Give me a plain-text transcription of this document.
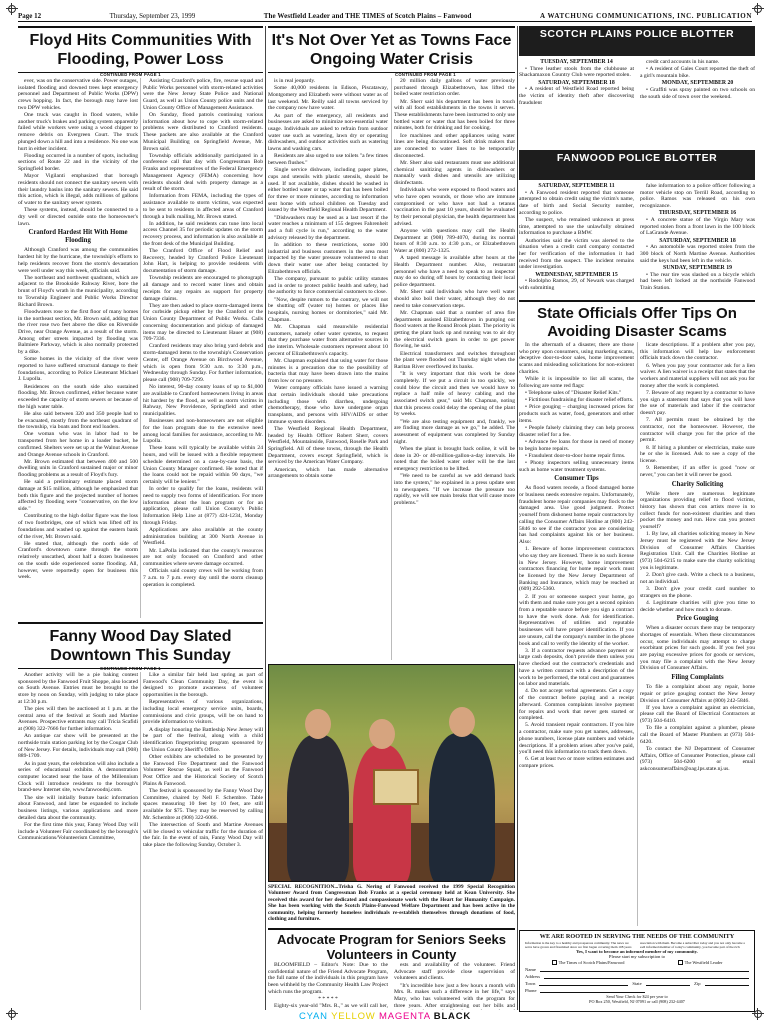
Page 12	Thursday, September 23, 1999	The Westfield Leader and THE TIMES of Scotch Plains – Fanwood	A WATCHUNG COMMUNICATIONS, INC. PUBLICATION
Floyd Hits Communities With Flooding, Power Loss
CONTINUED FROM PAGE 1

ever, was on the conservative side. Power outages, isolated flooding and downed trees kept emergency personnel and Department of Public Works (DPW) crews hopping. In fact, the borough may have lost two DPW vehicles.

One truck was caught in flood waters, while another truck's brakes and parking system apparently failed while workers were using a wood chipper to remove debris on Evergreen Court. The truck plunged down a hill and into a residence. No one was hurt in either incident.

Flooding occurred in a number of spots, including sections of Route 22 and in the vicinity of the Springfield border.

Mayor Vigilanti emphasized that borough residents should not connect the sanitary sewers with their laundry basins into the sanitary sewers. He said this action, which is illegal, adds millions of gallons of water to the sanitary sewer system.

These systems, instead, should be connected to a dry well or directed outside onto the homeowner's lawn.

Cranford Hardest Hit With Home Flooding

Although Cranford was among the communities hardest hit by the hurricane, the township's efforts to help residents recover from the storm's devastation were well under way this week, officials said.

The northeast and northwest quadrants, which are adjacent to the Brookside Rahway River, bore the brunt of Floyd's wrath in the municipality, according to Township Engineer and Public Works Director Richard Brown.

Floodwaters rose to the first floor of many homes in the northeast section, Mr. Brown said, adding that the river rose two feet above the dike on Riverside Drive, near Orange Avenue, as a result of the storm. Among other streets impacted by flooding was Balmiere Parkway, which is also normally protected by a dike.

Some homes in the vicinity of the river were reported to have suffered structural damage to their foundations, according to Police Lieutenant Michael J. Lupolla.

Residences on the south side also sustained flooding. Mr. Brown confirmed, either because water exceeded the capacity of storm sewers or because of the high water table.

He also said between 320 and 350 people had to be evacuated, mostly from the northeast quadrant of the township, via boats and front end loaders.

One woman who was in labor had to be transported from her home in a loader bucket, he confirmed. Shelters were set up at the Walnut Avenue and Orange Avenue schools in Cranford.

Mr. Brown estimated that between 400 and 500 dwelling units in Cranford sustained major or minor flooding problems as a result of Floyd's fury.

He said a preliminary estimate placed storm damage at $15 million, although he emphasized that both this figure and the projected number of homes affected by flooding were "conservative, on the low side."

Contributing to the high dollar figure was the loss of two footbridges, one of which was lifted off its foundations and washed up against the eastern bank of the river, Mr. Brown said.

He stated that, although the north side of Cranford's downtown came through the storm relatively unscathed, about half a dozen businesses on the south side experienced some flooding. All, however, were reportedly open for business this week.

Assisting Cranford's police, fire, rescue squad and Public Works personnel with storm-related activities were the New Jersey State Police and National Guard, as well as Union County police units and the Union County Office of Management Assistance.

On Sunday, flood patrols continuing various information about how to cope with storm-related problems were distributed to Cranford residents. These packets are also available at the Cranford Municipal Building on Springfield Avenue, Mr. Brown said.

Township officials additionally participated in a conference call that day with Congressman Bob Franks and representatives of the Federal Emergency Management Agency (FEMA) concerning how residents should deal with property damage as a result of the storm.

Information from FEMA, including the types of assistance available to storm victims, was expected to be sent to residents in affected areas of Cranford through a bulk mailing, Mr. Brown stated.

In addition, he said residents can tune into local access Channel 35 for periodic updates on the storm recovery process, and information is also available at the front desk of the Municipal Building.

The Cranford Office of Flood Relief and Recovery, headed by Cranford Police Lieutenant John Hart, is helping to provide residents with documentation of storm damage.

Township residents are encouraged to photograph all damage and to record water lines and obtain receipts for any repairs as support for property damage claims.

They are then asked to place storm-damaged items for curbside pickup either by the Cranford or the Union County Department of Public Works. Calls concerning documentation and pickup of damaged items may be directed to Lieutenant Hauer at (908) 709-7336.

Cranford residents may also bring yard debris and storm-damaged items to the township's Conservation Center, off Orange Avenue on Birchwood Avenue, which is open from 9:30 a.m. to 3:30 p.m., Wednesday through Sunday. For further information, please call (908) 709-7299.

No interest, 90-day county loans of up to $1,000 are available to Cranford homeowners living in areas hit hardest by the flood, as well as storm victims in Rahway, New Providence, Springfield and other municipalities.

Businesses and non-homeowners are not eligible for the loan program due to the extensive need among local families for assistance, according to Mr. Lupolla.

These loans will typically be available within 24 hours, and will be issued with a flexible repayment schedule determined on a case-by-case basis, the Union County Manager confirmed. He noted that if the loans could not be repaid within 90 days, "we certainly will be lenient."

In order to qualify for the loans, residents will need to supply two forms of identification. For more information about the loan program or for an application, please call Union County's Public Information Help Line at (877) 424-1234, Monday through Friday.

Applications are also available at the county administration building at 300 North Avenue in Westfield.

Mr. LaPolla indicated that the county's resources are not only focused on Cranford and other communities where severe damage occurred.

Officials said county crews will be working from 7 a.m. to 7 p.m. every day until the storm cleanup operation is completed.

It's Not Over Yet as Towns Face Ongoing Water Crisis
CONTINUED FROM PAGE 1

is in real jeopardy.

Some 40,000 residents in Edison, Piscataway, Montgomery and Elizabeth were without water as of last weekend. Mr. Reilly said all towns serviced by the company now have water.

As part of the emergency, all residents and businesses are asked to minimize non-essential water usage. Individuals are asked to refrain from outdoor water use such as watering, lawn dry or operating dishwashers, and outdoor activities such as watering lawns and washing cars.

Residents are also urged to use toilets "a few times between flushes."

Single service dishware, including paper plates, cups and utensils with plastic utensils, should be used. If not available, dishes should be washed in either bottled water or tap water that has been boiled for three or more minutes, according to information sent home with school children on Tuesday and issued by the Westfield Regional Health Department.

"Dishwashers may be used as a last resort if the water reaches a minimum of 155 degrees Fahrenheit and a full cycle is run," according to the water advisory released by the department.

In addition to these restrictions, some 100 industrial and business customers in the area most impacted by the water pressure volunteered to shut down their water use after being contacted by Elizabethtown officials.

The company, pursuant to public utility statutes and in order to protect public health and safety, had the authority to force commercial customers to close.

"Now, despite rumors to the contrary, we will not be shutting off (water to) homes or places like hospitals, nursing homes or dormitories," said Mr. Chapman.

Mr. Chapman said meanwhile residential customers, namely other water systems, to request that they purchase water from alternative sources in the interim. Wholesale customers represent about 10 percent of Elizabethtown's capacity.

Mr. Chapman explained that using water for those minutes is a precaution due to the possibility of bacteria that may have been drawn into the mains from low or no pressure.

Water company officials have issued a warning that certain individuals should take precautions including those with diarrhea, undergoing chemotherapy, those who have undergone organ transplants, and persons with HIV/AIDS or other immune system disorders.

The Westfield Regional Health Department, headed by Health Officer Robert Sherr, covers Westfield, Mountainside, Fanwood, Roselle Park and Springfield. All of these towns, through the Health Department, covers except Springfield, which is serviced by the American Water Company.

American, which has made alternative arrangements to obtain some

20 million daily gallons of water previously purchased through Elizabethtown, has lifted the boiled water restriction order.

Mr. Sherr said his department has been in touch with all food establishments in the towns it serves. These establishments have been instructed to only use bottled water or water that has been boiled for three minutes, both for drinking and for cooking.

Ice machines and other appliances using water lines are being discontinued. Soft drink makers that are connected to water lines to be temporarily disconnected.

Mr. Sherr also said restaurants must use additional chemical sanitizing agents in dishwashers or manually wash dishes and utensils are utilizing disinfectants.

Individuals who were exposed to flood waters and who have open wounds, or those who are immune compromised or who have not had a tetanus vaccination in the past 10 years, should be evaluated by their personal physician, the health department has advised.

Anyone with questions may call the Health Department at (908) 789-4070, during its normal hours of 8:30 a.m. to 4:30 p.m., or Elizabethtown Water at (800) 272-1325.

A taped message is available after hours at the Health Department number. Also, restaurant personnel who have a need to speak to an inspector may do so during off hours by contacting their local police department.

Mr. Sherr said individuals who have well water should also boil their water, although they do not need to take conservation steps.

Mr. Chapman said that a number of area fire departments assisted Elizabethtown in pumping out flood waters at the Round Brook plant. The priority is getting the plant back up and running was to air dry the electrical switch gears in order to get power flowing, he said.

Electrical transformers and switches throughout the plant were flooded out Thursday night when the Raritan River overflowed its banks.

"It is very important that this work be done completely. If we put a circuit in too quickly, we could blow the circuit and then we would have to replace a half mile of heavy cabling and the associated switch gear," said Mr. Chapman, noting that this process could delay the opening of the plant by weeks.

"We are also testing equipment and, frankly, we are finding more damage as we go," he added. The assessment of equipment was completed by Sunday night.

When the plant is brought back online, it will be done in 20- or 40-million-gallon-a-day intervals. He noted that the boiled water order will be the last emergency restriction to be lifted.

"We need to be careful as we add demand back into the system," he explained in a press update sent to newspapers. "If we increase the pressure too rapidly, we will see main breaks that will cause more problems."

SCOTCH PLAINS POLICE BLOTTER

TUESDAY, SEPTEMBER 14

• Three leather stools from the clubhouse at Shackamaxon Country Club were reported stolen.

SATURDAY, SEPTEMBER 18

• A resident of Westfield Road reported being the victim of identity theft after discovering fraudulent

credit card accounts in his name.

• A resident of Gales Court reported the theft of a girl's mountain bike.

MONDAY, SEPTEMBER 20

• Graffiti was spray painted on two schools on the south side of town over the weekend.

FANWOOD POLICE BLOTTER

SATURDAY, SEPTEMBER 11

• A Fanwood resident reported that someone attempted to obtain credit using the victim's name, date of birth and Social Security number, according to police.

The suspect, who remained unknown at press time, attempted to use the unlawfully obtained information to purchase a BMW.

Authorities said the victim was alerted to the situation when a credit card company contacted her for verification of the information it had received from the suspect. The incident remains under investigation.

WEDNESDAY, SEPTEMBER 15

• Rodolpho Ramos, 29, of Newark was charged with submitting

false information to a police officer following a motor vehicle stop on Terrill Road, according to police. Ramos was released on his own recognizance.

THURSDAY, SEPTEMBER 16

• A concrete statue of the Virgin Mary was reported stolen from a front lawn in the 100 block of LaGrande Avenue.

SATURDAY, SEPTEMBER 18

• An automobile was reported stolen from the 300 block of North Martine Avenue. Authorities said the keys had been left in the vehicle.

SUNDAY, SEPTEMBER 19

• The rear tire was slashed on a bicycle which had been left locked at the northside Fanwood Train Station.

State Officials Offer Tips On Avoiding Disaster Scams

In the aftermath of a disaster, there are those who prey upon consumers, using marketing scams, deceptive door-to-door sales, home improvement scams and misleading solicitations for non-existent charities.

While it is impossible to list all scams, the following are some red flags:

• Telephone sales of "Disaster Relief Kits."

• Fictitious fundraising for disaster relief efforts.

• Price gouging – charging increased prices for products such as water, food, generators and other items.

• People falsely claiming they can help process disaster relief for a fee.

• Advance fee loans for those in need of money to begin home repairs.

• Fraudulent door-to-door home repair firms.

• Phony inspectors selling unnecessary items such as home water treatment systems.

Consumer Tips

As flood waters recede, a flood damaged home or business needs extensive repairs. Unfortunately, fraudulent home repair companies may flock to the damaged area. Use good judgment. Protect yourself from dishonest home repair contractors by calling the Consumer Affairs Hotline at (800) 242-5846 to see if the contractor you are considering has had complaints against his or her business. Also:

1. Beware of home improvement contractors who say they are licensed. There is no such license in New Jersey. However, home improvement contractors financing for home repair work must be licensed by the New Jersey Department of Banking and Insurance, which may be reached at (609) 292-5360.

2. If you or someone suspect your home, go with them and make sure you get a second opinion from a reputable source before you sign a contract to have the work done. Ask for identification. Representatives of utilities and reputable businesses will have proper identification. If you are unsure, call the company's number in the phone book and call to verify the identity of the worker.

3. If a contractor requests advance payment or large cash deposits, don't provide them unless you have checked out the contractor's credentials and have a written contract with a description of the work to be performed, the total cost and guarantees on labor and materials.

4. Do not accept verbal agreements. Get a copy of the contract before paying and a receipt afterward. Common complaints involve payment for repairs and work that never gets started or completed.

5. Avoid transient repair contractors. If you hire a contractor, make sure you get names, addresses, phone numbers, license plate numbers and vehicle descriptions. If a problem arises after you've paid, you'll need this information to track them down.

6. Get at least two or more written estimates and compare prices.

licate descriptions. If a problem after you pay, this information will help law enforcement officials track down the contractor.

6. When you pay your contractor ask for a lien waiver. A lien waiver is a receipt that states that the workers and material suppliers will not ask you for money after the work is completed.

7. Beware of any request by a contractor to have you sign a statement that says that you will have the use of materials and labor if the contractor doesn't pay.

7. All permits must be obtained by the contractor, not the homeowner. However, the contractor will charge you for the price of the permit.

8. If hiring a plumber or electrician, make sure he or she is licensed. Ask to see a copy of the license.

9. Remember, if an offer is good "now or never," you can bet it will never be good.

Charity Soliciting

While there are numerous legitimate organizations providing relief to flood victims, history has shown that con artists move in to collect funds for non-existent charities and then pocket the money and run. How can you protect yourself?

1. By law, all charities soliciting money in New Jersey must be registered with the New Jersey Division of Consumer Affairs Charities Registration Unit. Call the Charities Hotline at (973) 504-6215 to make sure the charity soliciting you is legitimate.

2. Don't give cash. Write a check to a business, not an individual.

3. Don't give your credit card number to strangers on the phone.

4. Legitimate charities will give you time to decide whether and how much to donate.

Price Gouging

When a disaster occurs there may be temporary shortages of essentials. When these circumstances occur, some individuals may attempt to charge exorbitant prices for such goods. If you feel you are paying excessive prices for goods or services, you may file a complaint with the New Jersey Division of Consumer Affairs.

Filing Complaints

To file a complaint about any repair, home repair or price gouging contact the New Jersey Division of Consumer Affairs at (800) 242-5846.

If you have a complaint against an electrician, please call the Board of Electrical Contractors at (973) 504-6410.

To file a complaint against a plumber, please call the Board of Master Plumbers at (973) 504-6420.

To contact the NJ Department of Consumer Affairs, Office of Consumer Protection, please call (973) 504-6200 or email askconsumeraffairs@oag.lps.state.nj.us.

SPECIAL RECOGNITION...Trisha G. Nering of Fanwood received the 1999 Special Recognition Volunteer Award from Congressman Bob Franks at a special ceremony held at Kean University. She received this award for her dedicated and compassionate work with the Heart for Humanity Campaign. She has been working with the Scotch Plains-Fanwood Welfare Department and has been active in the community, helping formerly homeless individuals re-establish themselves through donations of food, clothing and furniture.
Fanny Wood Day Slated Downtown This Sunday
CONTINUED FROM PAGE 1

Another activity will be a pie baking contest sponsored by the Fanwood Fruit Shoppe, also located on South Avenue. Entries must be brought to the store by noon on Sunday, with judging to take place at 12:30 p.m.

The pies will then be auctioned at 1 p.m. at the central area of the festival at South and Martine Avenues. Prospective entrants may call Tricia Scafidi at (908) 322-7666 for further information.

An antique car show will be presented at the northside train station parking lot by the Cougar Club of New Jersey. For details, individuals may call (908) 889-1709.

As in past years, the celebration will also include a series of educational exhibits. A demonstration computer located near the base of the Millennium Clock will introduce residents to the borough's brand-new Internet site, www.fanwoodnj.com.

The site will initially feature basic information about Fanwood, and later be expanded to include business listings, various applications and more detailed data about the community.

For the first time this year, Fanny Wood Day will include a Volunteer Fair coordinated by the borough's Communications/Volunteerism Committee,

Like a similar fair held last spring as part of Fanwood's Clean Community Day, the event is designed to promote awareness of volunteer opportunities in the borough.

Representatives of various organizations, including local emergency service units, boards, commissions and civic groups, will be on hand to provide information to visitors.

A display honoring the Battleship New Jersey will be part of the festival, along with a child identification fingerprinting program sponsored by the Union County Sheriff's Office.

Other exhibits are scheduled to be presented by the Fanwood Fire Department and the Fanwood Volunteer Rescue Squad, as well as the Fanwood Post Office and the Historical Society of Scotch Plains & Fanwood.

The festival is sponsored by the Fanny Wood Day Committee, chaired by Nell F. Schembre. Table spaces measuring 10 feet by 10 feet, are still available for $75. They may be reserved by calling Mr. Schembre at (908) 322-6066.

The intersection of South and Martine Avenues will be closed to vehicular traffic for the duration of the fair. In the event of rain, Fanny Wood Day will take place the following Sunday, October 3.

Advocate Program for Seniors Seeks Volunteers in County

BLOOMFIELD – Editor's Note: Due to the confidential nature of the Friend Advocate Program, the full name of the individuals in this program have been withheld by the Community Health Law Project which runs the program.

* * * * *

Eighty-six year-old "Mrs. R.," as we will call her,

ests and availability of the volunteer. Friend Advocate staff provide close supervision of volunteers and clients.

"It's incredible how just a few hours a month with Mrs. R. makes such a difference in her life," says Mary, who has volunteered with the program for three years. After straightening out her bills and

WE ARE ROOTED IN SERVING THE NEEDS OF THE COMMUNITY
Information is the key to a healthy and prosperous community. The news we serve have grown and flourished since we first began covering them 108 years
association with them. Become a subscriber today and you not only become a well informed member of today's community, you become part of the rich
Yes, I want to become an informed member of my community.
Please start my subscription to
The Times of Scotch Plains/Fanwood	The Westfield Leader
Name
Address
Town	State	Zip
Phone
Send Your Check for $24 per year to
PO Box 250, Westfield, NJ 07091 or call (908) 232-4407
CYAN YELLOW MAGENTA BLACK
